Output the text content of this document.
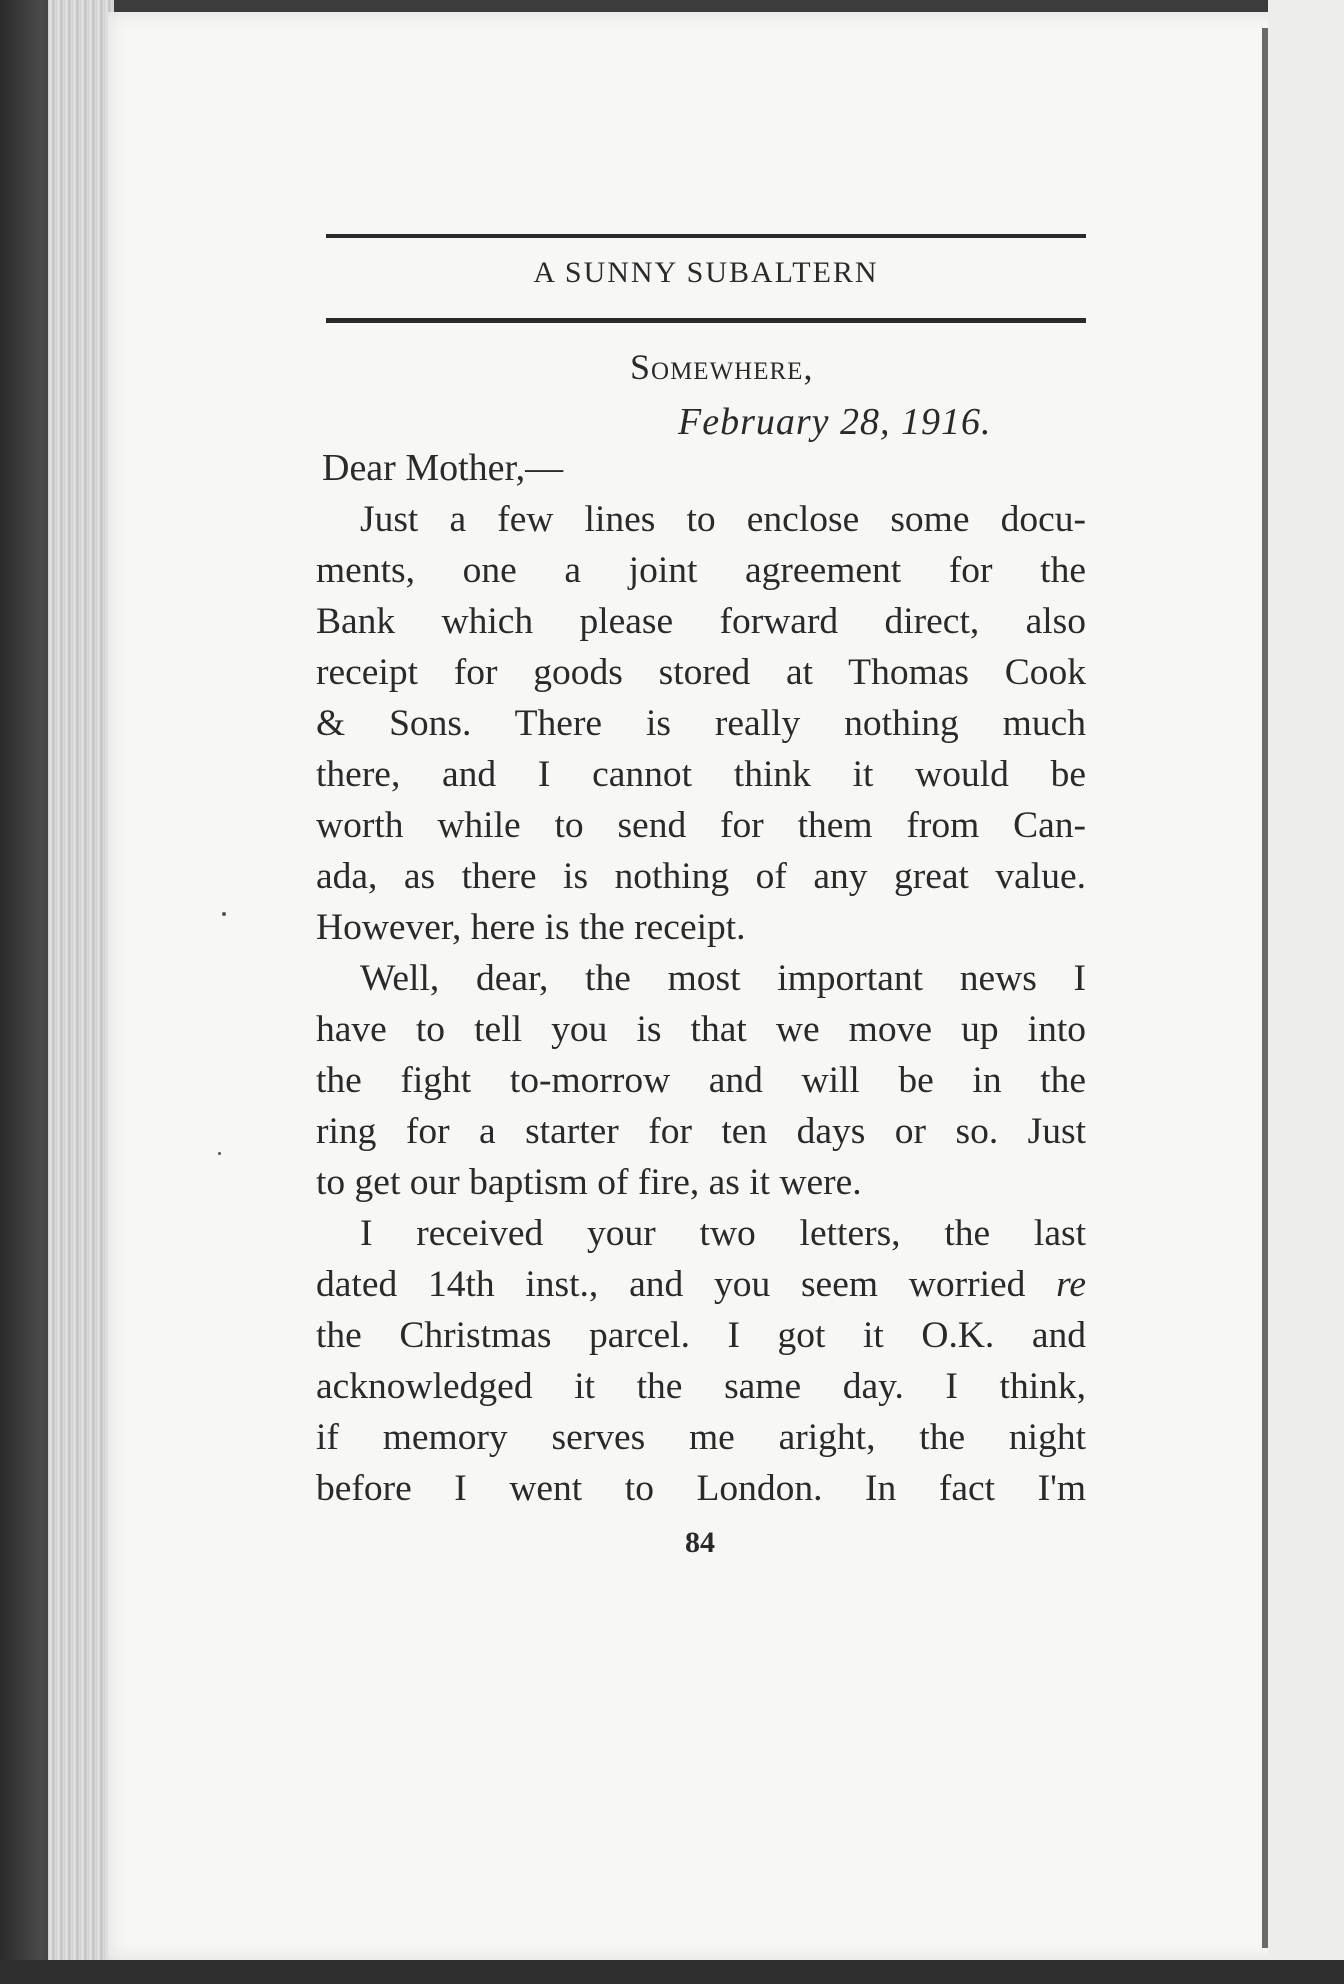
A SUNNY SUBALTERN
Somewhere,
February 28, 1916.
Dear Mother,—
Just a few lines to enclose some docu-
ments, one a joint agreement for the
Bank which please forward direct, also
receipt for goods stored at Thomas Cook
& Sons. There is really nothing much
there, and I cannot think it would be
worth while to send for them from Can-
ada, as there is nothing of any great value.
However, here is the receipt.
Well, dear, the most important news I
have to tell you is that we move up into
the fight to-morrow and will be in the
ring for a starter for ten days or so. Just
to get our baptism of fire, as it were.
I received your two letters, the last
dated 14th inst., and you seem worried re
the Christmas parcel. I got it O.K. and
acknowledged it the same day. I think,
if memory serves me aright, the night
before I went to London. In fact I'm
84
